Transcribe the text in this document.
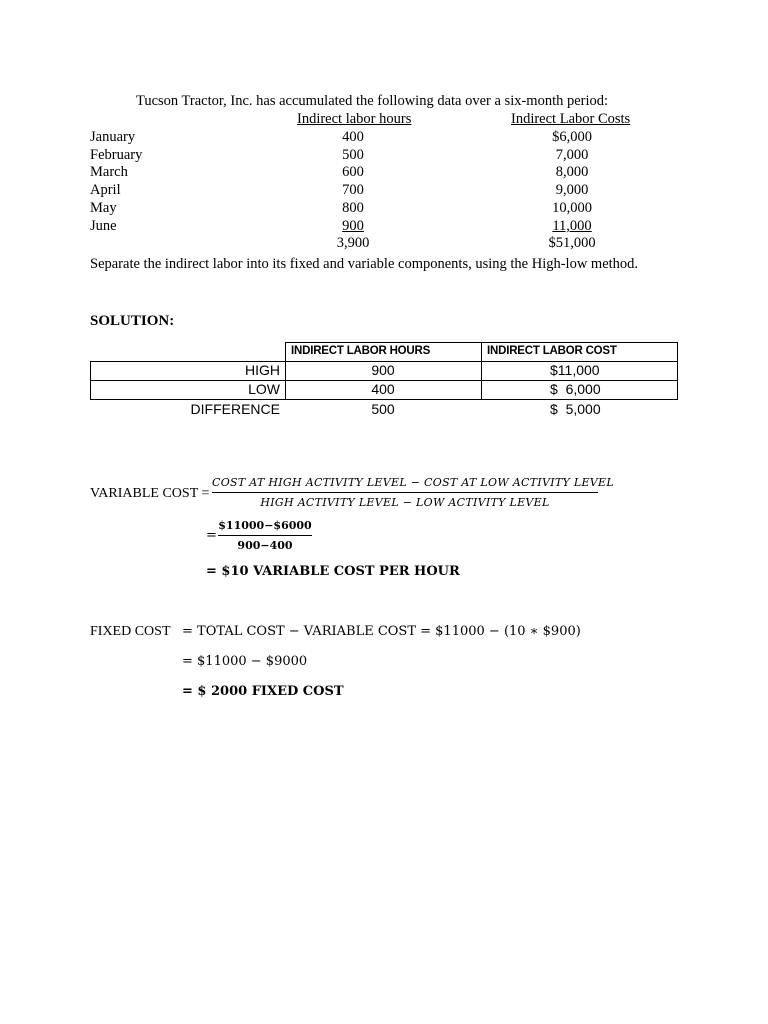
Tucson Tractor, Inc. has accumulated the following data over a six-month period:
Indirect labor hours	Indirect Labor Costs
January	400	$6,000
February	500	7,000
March	600	8,000
April	700	9,000
May	800	10,000
June	900	11,000
3,900	$51,000
Separate the indirect labor into its fixed and variable components, using the High-low method.
SOLUTION:
INDIRECT LABOR HOURS	INDIRECT LABOR COST
HIGH	900	$11,000
LOW	400	$  6,000
DIFFERENCE	500	$  5,000
VARIABLE COST =
COST AT HIGH ACTIVITY LEVEL − COST AT LOW ACTIVITY LEVEL
HIGH ACTIVITY LEVEL − LOW ACTIVITY LEVEL
=
$11000−$6000
900−400
= $10 VARIABLE COST PER HOUR
FIXED COST = TOTAL COST − VARIABLE COST = $11000 − (10 ∗ $900)
= $11000 − $9000
= $ 2000 FIXED COST
